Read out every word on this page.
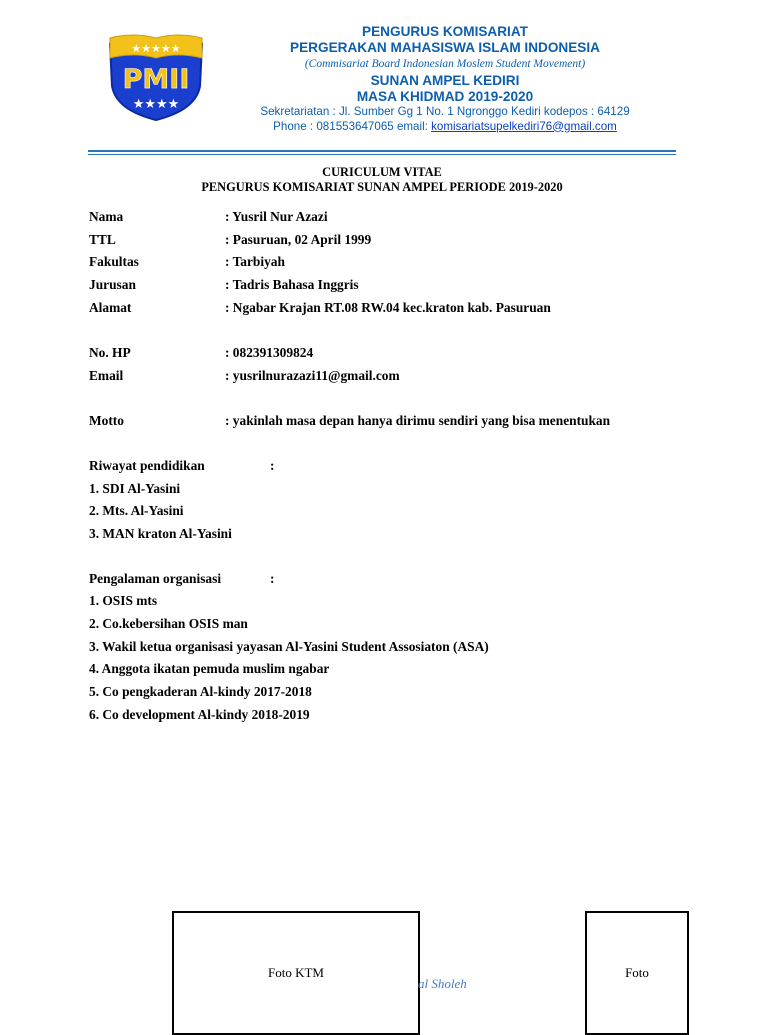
★★★★★
PMII
★★★★
PENGURUS KOMISARIAT
PERGERAKAN MAHASISWA ISLAM INDONESIA
(Commisariat Board Indonesian Moslem Student Movement)
SUNAN AMPEL KEDIRI
MASA KHIDMAD 2019-2020
Sekretariatan : Jl. Sumber Gg 1 No. 1 Ngronggo Kediri kodepos : 64129
Phone : 081553647065 email: komisariatsupelkediri76@gmail.com
CURICULUM VITAE
PENGURUS KOMISARIAT SUNAN AMPEL PERIODE 2019-2020
Nama	: Yusril Nur Azazi
TTL	: Pasuruan, 02 April 1999
Fakultas	: Tarbiyah
Jurusan	: Tadris Bahasa Inggris
Alamat	: Ngabar Krajan RT.08 RW.04 kec.kraton kab. Pasuruan
No. HP	: 082391309824
Email	: yusrilnurazazi11@gmail.com
Motto	: yakinlah masa depan hanya dirimu sendiri yang bisa menentukan
Riwayat pendidikan	:
1. SDI Al-Yasini
2. Mts. Al-Yasini
3. MAN kraton Al-Yasini
Pengalaman organisasi	:
1. OSIS mts
2. Co.kebersihan OSIS man
3. Wakil ketua organisasi yayasan Al-Yasini Student Assosiaton (ASA)
4. Anggota ikatan pemuda muslim ngabar
5. Co pengkaderan Al-kindy 2017-2018
6. Co development Al-kindy 2018-2019
Foto KTM
al Sholeh
Foto
